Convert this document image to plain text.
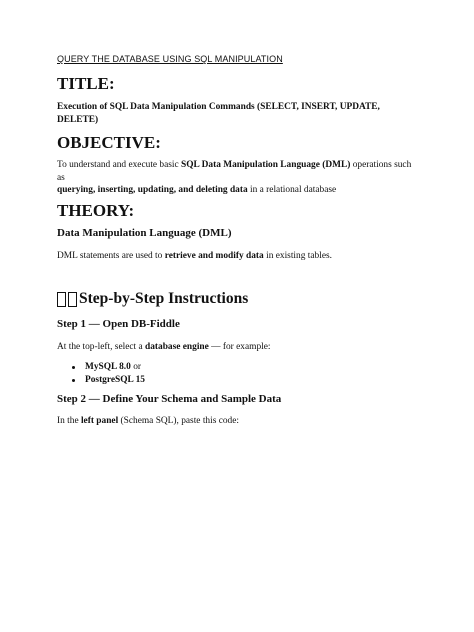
QUERY THE DATABASE USING SQL MANIPULATION
TITLE:

Execution of SQL Data Manipulation Commands (SELECT, INSERT, UPDATE, DELETE)

OBJECTIVE:

To understand and execute basic SQL Data Manipulation Language (DML) operations such as
querying, inserting, updating, and deleting data in a relational database

THEORY:
Data Manipulation Language (DML)

DML statements are used to retrieve and modify data in existing tables.

Step-by-Step Instructions
Step 1 — Open DB-Fiddle

At the top-left, select a database engine — for example:

MySQL 8.0 or
PostgreSQL 15
Step 2 — Define Your Schema and Sample Data

In the left panel (Schema SQL), paste this code:
